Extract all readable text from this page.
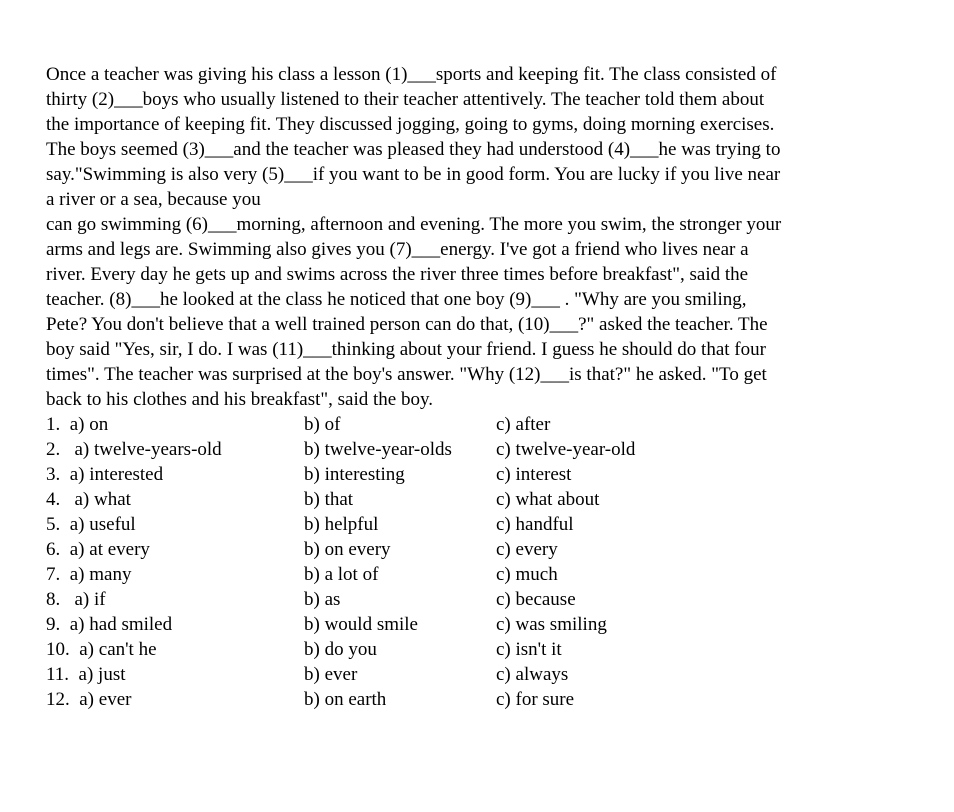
Once a teacher was giving his class a lesson (1)___sports and keeping fit. The class consisted of
thirty (2)___boys who usually listened to their teacher attentively. The teacher told them about
the importance of keeping fit. They discussed jogging, going to gyms, doing morning exercises.
The boys seemed (3)___and the teacher was pleased they had understood (4)___he was trying to
say."Swimming is also very (5)___if you want to be in good form. You are lucky if you live near
a river or a sea, because you
can go swimming (6)___morning, afternoon and evening. The more you swim, the stronger your
arms and legs are. Swimming also gives you (7)___energy. I've got a friend who lives near a
river. Every day he gets up and swims across the river three times before breakfast", said the
teacher. (8)___he looked at the class he noticed that one boy (9)___ . "Why are you smiling,
Pete? You don't believe that a well trained person can do that, (10)___?" asked the teacher. The
boy said "Yes, sir, I do. I was (11)___thinking about your friend. I guess he should do that four
times". The teacher was surprised at the boy's answer. "Why (12)___is that?" he asked. "To get
back to his clothes and his breakfast", said the boy.

1.  a) on

	b) of

	c) after

2.   a) twelve-years-old

	b) twelve-year-olds

c) twelve-year-old

3.  a) interested

	b) interesting

	c) interest

4.   a) what

	b) that

	c) what about

5.  a) useful

	b) helpful

	c) handful

6.  a) at every

	b) on every

	c) every

7.  a) many

	b) a lot of

	c) much

8.   a) if

	b) as

	c) because

9.  a) had smiled

	b) would smile

	c) was smiling

10.  a) can't he

	b) do you

	c) isn't it

11.  a) just

	b) ever

	c) always

12.  a) ever

	b) on earth

	c) for sure
